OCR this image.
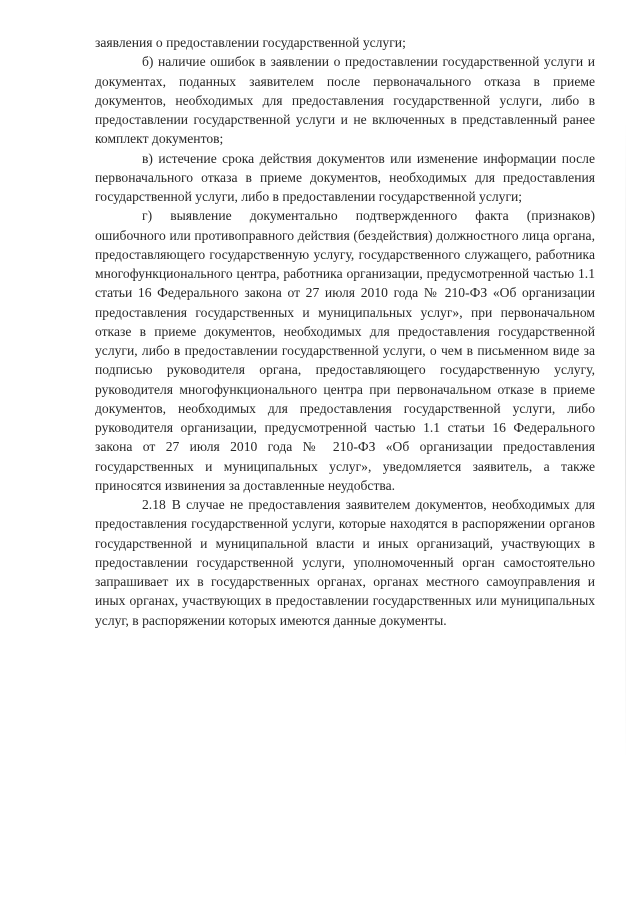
заявления о предоставлении государственной услуги;

б) наличие ошибок в заявлении о предоставлении государственной услуги и документах, поданных заявителем после первоначального отказа в приеме документов, необходимых для предоставления государственной услуги, либо в предоставлении государственной услуги и не включенных в представленный ранее комплект документов;

в) истечение срока действия документов или изменение информации после первоначального отказа в приеме документов, необходимых для предоставления государственной услуги, либо в предоставлении государственной услуги;

г) выявление документально подтвержденного факта (признаков) ошибочного или противоправного действия (бездействия) должностного лица органа, предоставляющего государственную услугу, государственного служащего, работника многофункционального центра, работника организации, предусмотренной частью 1.1 статьи 16 Федерального закона от 27 июля 2010 года № 210-ФЗ «Об организации предоставления государственных и муниципальных услуг», при первоначальном отказе в приеме документов, необходимых для предоставления государственной услуги, либо в предоставлении государственной услуги, о чем в письменном виде за подписью руководителя органа, предоставляющего государственную услугу, руководителя многофункционального центра при первоначальном отказе в приеме документов, необходимых для предоставления государственной услуги, либо руководителя организации, предусмотренной частью 1.1 статьи 16 Федерального закона от 27 июля 2010 года № 210-ФЗ «Об организации предоставления государственных и муниципальных услуг», уведомляется заявитель, а также приносятся извинения за доставленные неудобства.

2.18 В случае не предоставления заявителем документов, необходимых для предоставления государственной услуги, которые находятся в распоряжении органов государственной и муниципальной власти и иных организаций, участвующих в предоставлении государственной услуги, уполномоченный орган самостоятельно запрашивает их в государственных органах, органах местного самоуправления и иных органах, участвующих в предоставлении государственных или муниципальных услуг, в распоряжении которых имеются данные документы.
